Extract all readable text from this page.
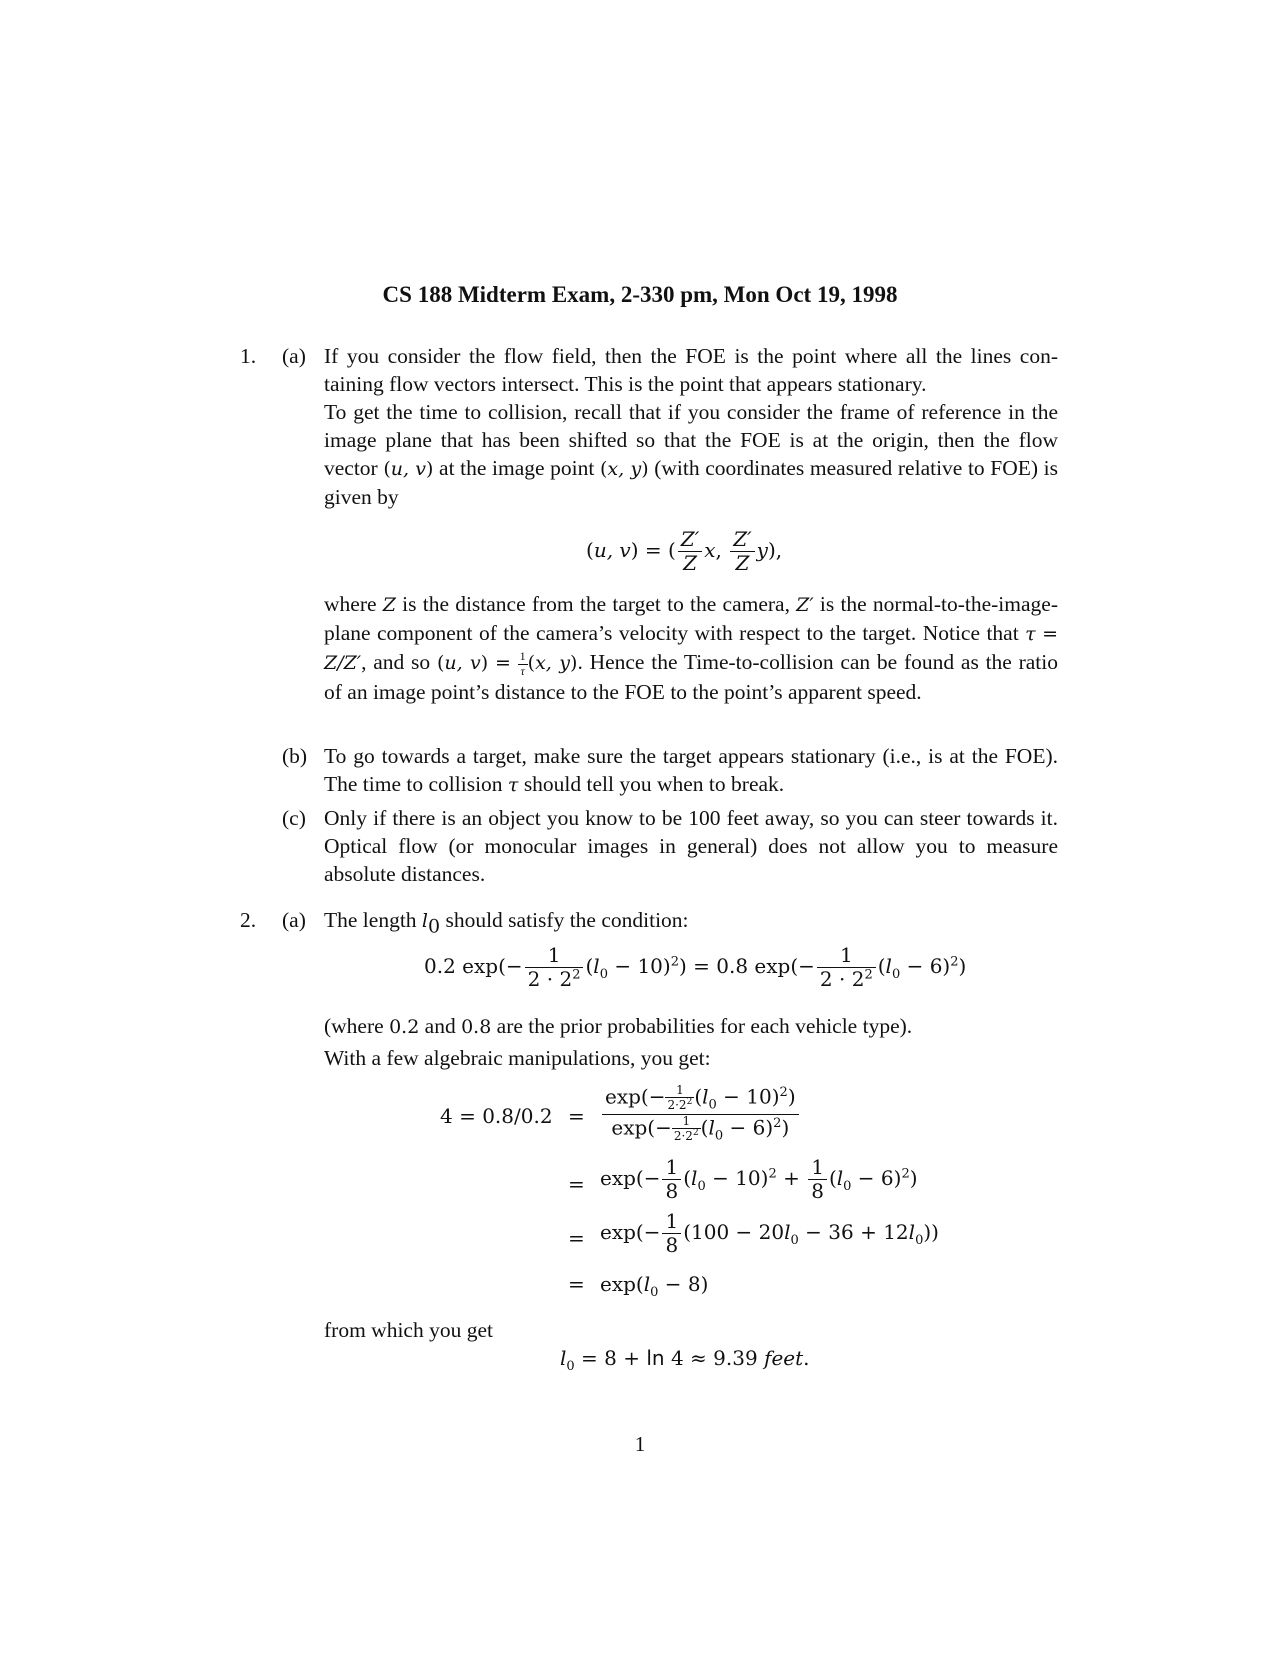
CS 188 Midterm Exam, 2-330 pm, Mon Oct 19, 1998
1. (a) If you consider the flow field, then the FOE is the point where all the lines con-taining flow vectors intersect. This is the point that appears stationary.

To get the time to collision, recall that if you consider the frame of reference in the image plane that has been shifted so that the FOE is at the origin, then the flow vector (u, v) at the image point (x, y) (with coordinates measured relative to FOE) is given by

(u, v) = ( $\frac{Z'}{Z} x$, $\frac{Z'}{Z} y$),

where Z is the distance from the target to the camera, Z′ is the normal-to-the-image-plane component of the camera’s velocity with respect to the target. Notice that τ = Z/Z′, and so (u, $v) = \frac{1}{\tau} (x$, y). Hence the Time-to-collision can be found as the ratio of an image point’s distance to the FOE to the point’s apparent speed.

(b) To go towards a target, make sure the target appears stationary (i.e., is at the FOE). The time to collision τ should tell you when to break.

(c) Only if there is an object you know to be 100 feet away, so you can steer towards it. Optical flow (or monocular images in general) does not allow you to measure absolute distances.

2. (a) The length $l_0$ should satisfy the condition:

0.2 $\exp(- \frac{1}{2 \cdot 2^2} (l_0 - 10)^2) = 0.8$ $\exp(- \frac{1}{2 \cdot 2^2} (l_0 - 6)^2)$

(where 0.2 and 0.8 are the prior probabilities for each vehicle type).

With a few algebraic manipulations, you get:

$4 = 0.8/0.2 = \frac{\exp(- \frac{1}{2\cdot 2^2} (l_0 - 10)^2)}{\exp(- \frac{1}{2\cdot 2^2} (l_0 - 6)^2)}$
= $\exp(- \frac{1}{8} (l_0 - 10)^2 + \frac{1}{8} (l_0 - 6)^2)$
= $\exp(- \frac{1}{8} (100 - 20l_0 - 36 + 12l_0))$
= $\exp(l_0 - 8)$

from which you get

$l_0 = 8 + \ln 4 \approx 9.39$ feet.
1
